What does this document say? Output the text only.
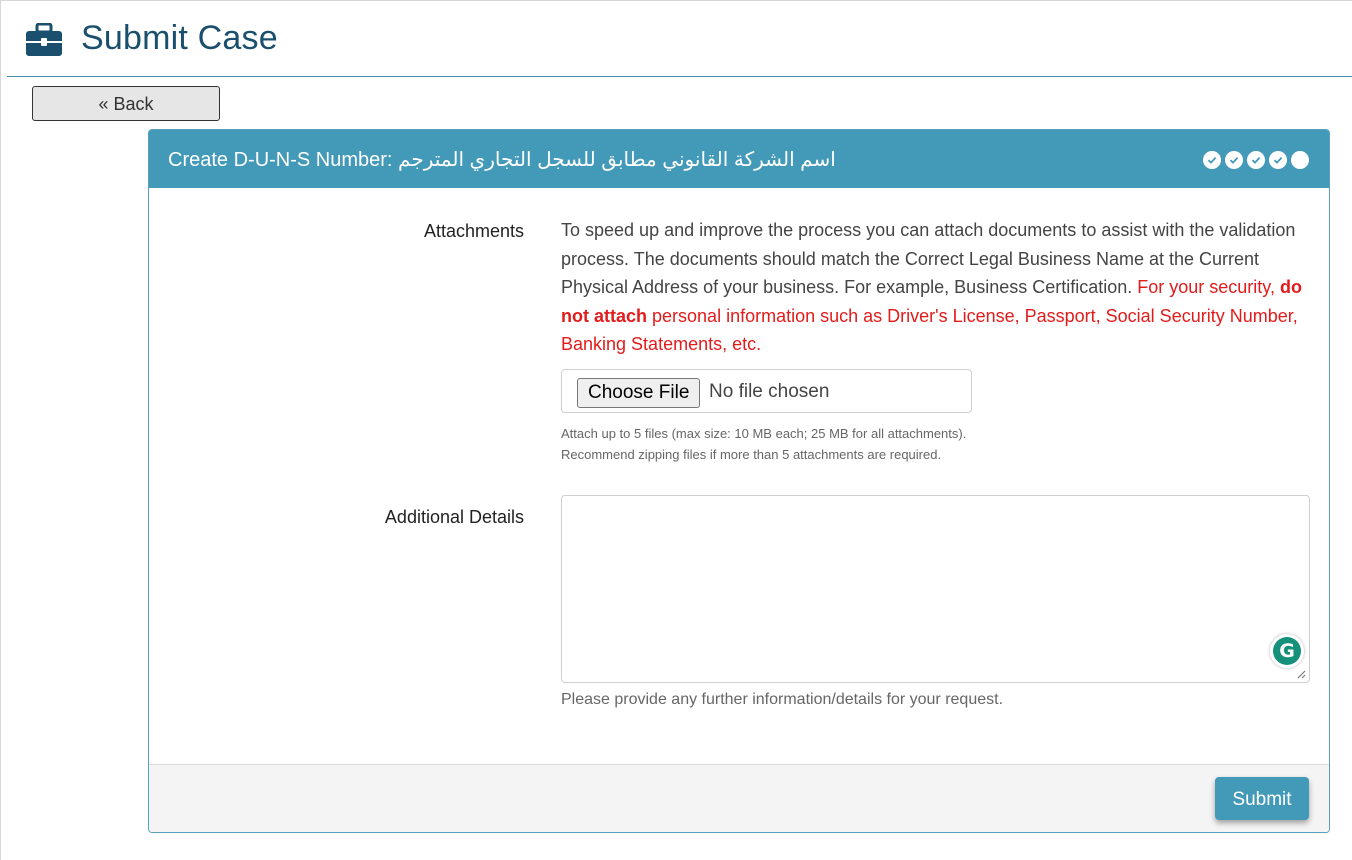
Submit Case
« Back
Create D-U-N-S Number: اسم الشركة القانوني مطابق للسجل التجاري المترجم
Attachments To speed up and improve the process you can attach documents to assist with the validation process. The documents should match the Correct Legal Business Name at the Current Physical Address of your business. For example, Business Certification. For your security, do not attach personal information such as Driver's License, Passport, Social Security Number, Banking Statements, etc.
Choose File	No file chosen
Attach up to 5 files (max size: 10 MB each; 25 MB for all attachments).
Recommend zipping files if more than 5 attachments are required.
Additional Details
G
Please provide any further information/details for your request.
Submit
